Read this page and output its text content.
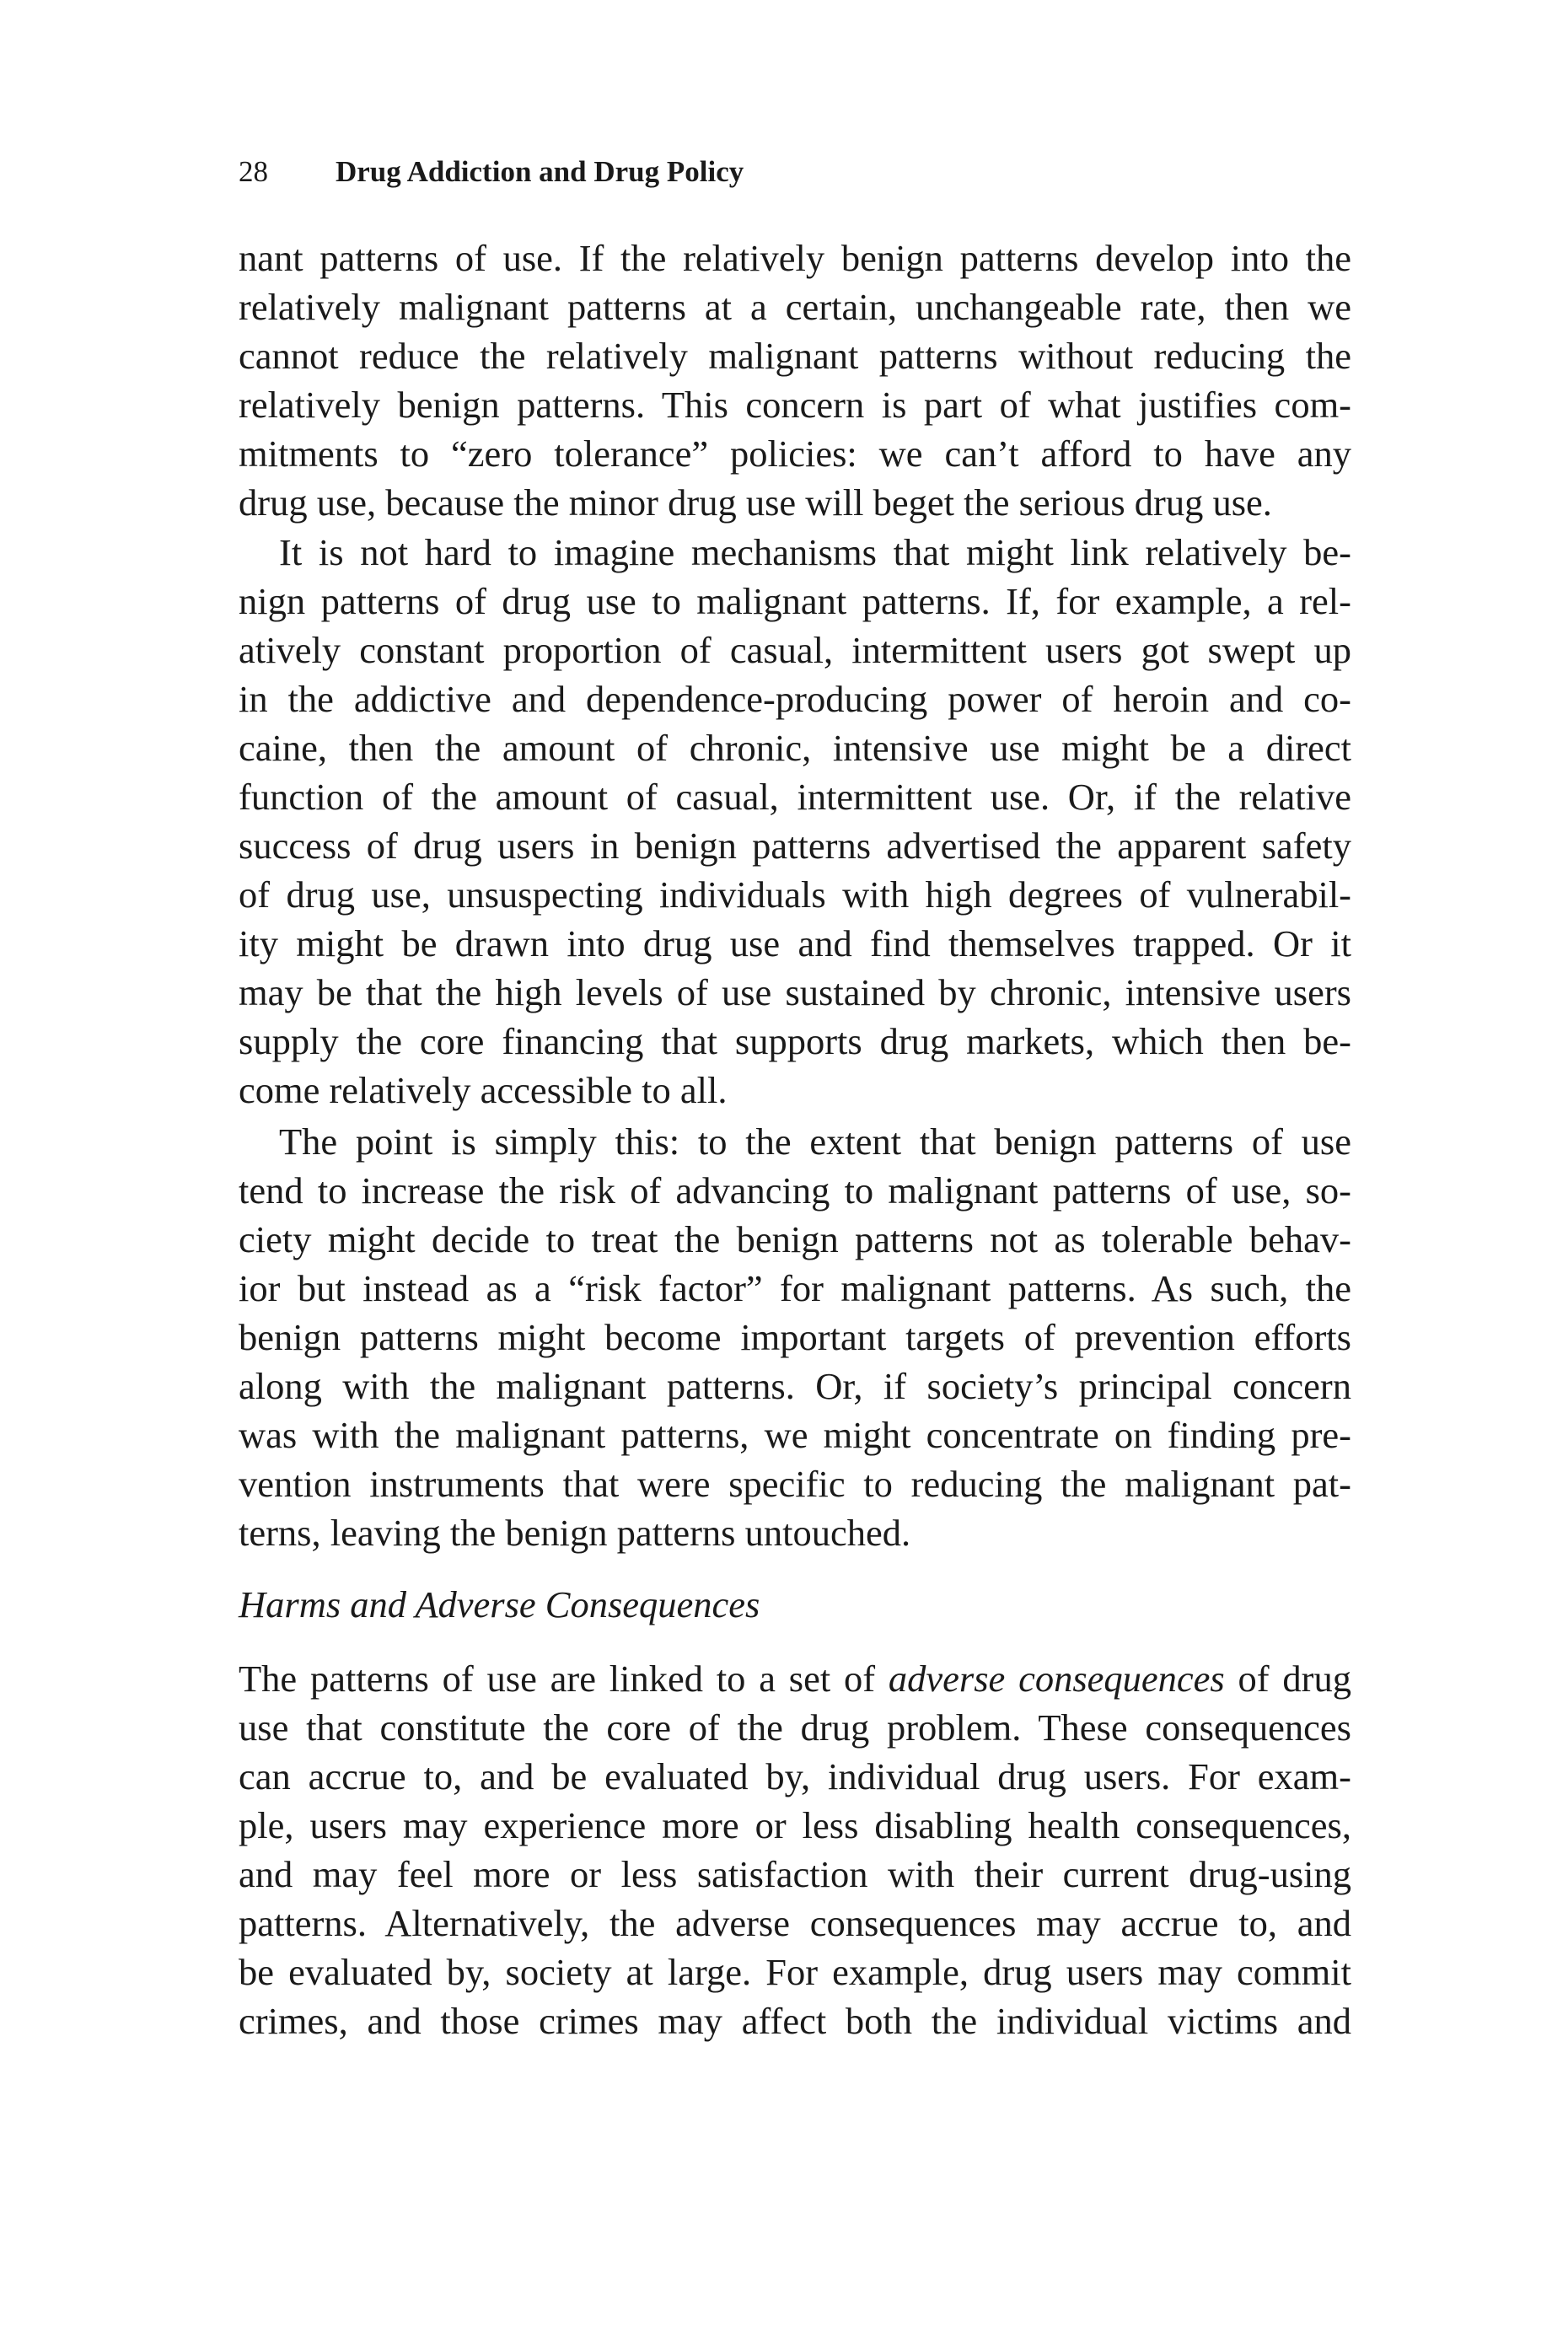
28 Drug Addiction and Drug Policy
nant patterns of use. If the relatively benign patterns develop into the
relatively malignant patterns at a certain, unchangeable rate, then we
cannot reduce the relatively malignant patterns without reducing the
relatively benign patterns. This concern is part of what justifies com-
mitments to “zero tolerance” policies: we can’t afford to have any
drug use, because the minor drug use will beget the serious drug use.
It is not hard to imagine mechanisms that might link relatively be-
nign patterns of drug use to malignant patterns. If, for example, a rel-
atively constant proportion of casual, intermittent users got swept up
in the addictive and dependence-producing power of heroin and co-
caine, then the amount of chronic, intensive use might be a direct
function of the amount of casual, intermittent use. Or, if the relative
success of drug users in benign patterns advertised the apparent safety
of drug use, unsuspecting individuals with high degrees of vulnerabil-
ity might be drawn into drug use and find themselves trapped. Or it
may be that the high levels of use sustained by chronic, intensive users
supply the core financing that supports drug markets, which then be-
come relatively accessible to all.
The point is simply this: to the extent that benign patterns of use
tend to increase the risk of advancing to malignant patterns of use, so-
ciety might decide to treat the benign patterns not as tolerable behav-
ior but instead as a “risk factor” for malignant patterns. As such, the
benign patterns might become important targets of prevention efforts
along with the malignant patterns. Or, if society’s principal concern
was with the malignant patterns, we might concentrate on finding pre-
vention instruments that were specific to reducing the malignant pat-
terns, leaving the benign patterns untouched.
Harms and Adverse Consequences
The patterns of use are linked to a set of adverse consequences of drug
use that constitute the core of the drug problem. These consequences
can accrue to, and be evaluated by, individual drug users. For exam-
ple, users may experience more or less disabling health consequences,
and may feel more or less satisfaction with their current drug-using
patterns. Alternatively, the adverse consequences may accrue to, and
be evaluated by, society at large. For example, drug users may commit
crimes, and those crimes may affect both the individual victims and
